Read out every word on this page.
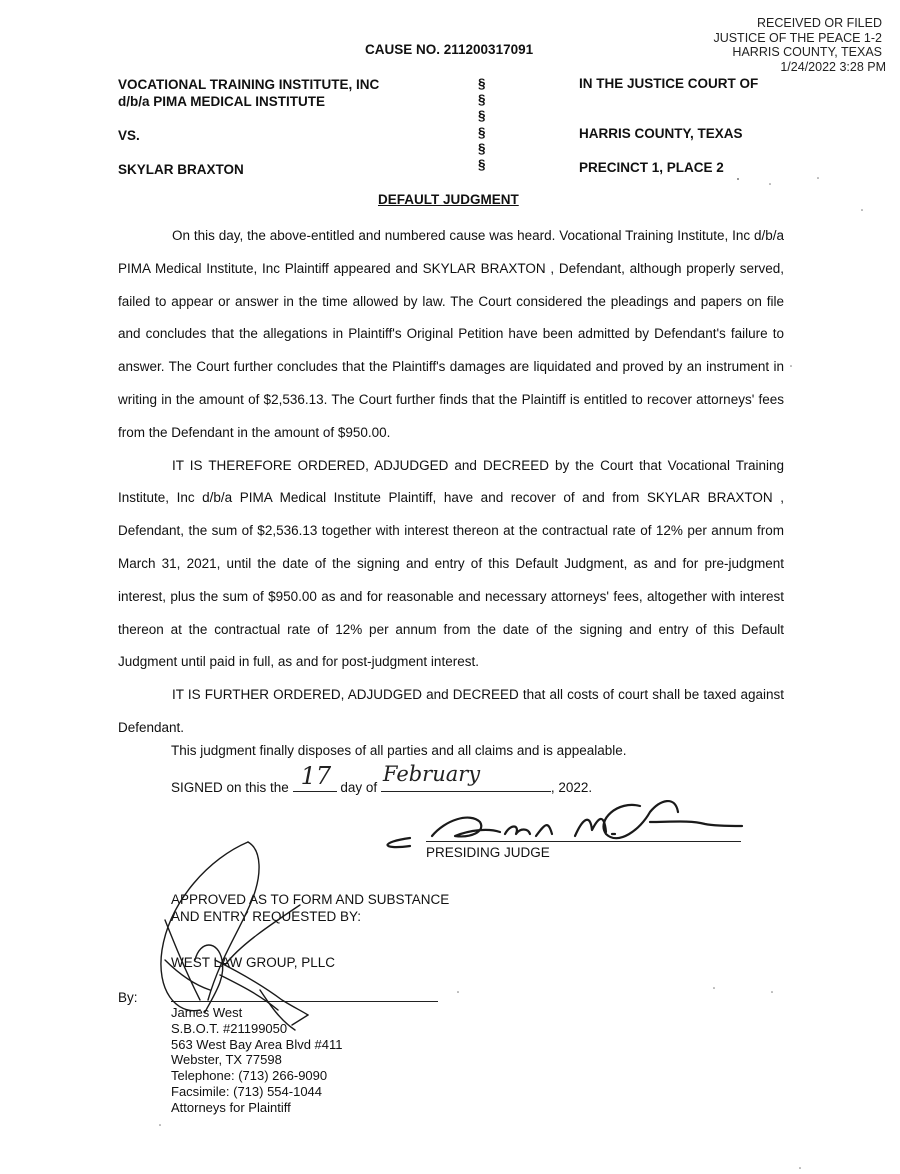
RECEIVED OR FILED
JUSTICE OF THE PEACE 1-2
HARRIS COUNTY, TEXAS
1/24/2022 3:28 PM
CAUSE NO. 211200317091
VOCATIONAL TRAINING INSTITUTE, INC
d/b/a PIMA MEDICAL INSTITUTE
VS.
SKYLAR BRAXTON
§
§
§
§
§
§
IN THE JUSTICE COURT OF
HARRIS COUNTY, TEXAS
PRECINCT 1, PLACE 2
DEFAULT JUDGMENT

On this day, the above-entitled and numbered cause was heard. Vocational Training Institute, Inc d/b/a PIMA Medical Institute, Inc Plaintiff appeared and SKYLAR BRAXTON , Defendant, although properly served, failed to appear or answer in the time allowed by law. The Court considered the pleadings and papers on file and concludes that the allegations in Plaintiff's Original Petition have been admitted by Defendant's failure to answer. The Court further concludes that the Plaintiff's damages are liquidated and proved by an instrument in writing in the amount of $2,536.13. The Court further finds that the Plaintiff is entitled to recover attorneys' fees from the Defendant in the amount of $950.00.

IT IS THEREFORE ORDERED, ADJUDGED and DECREED by the Court that Vocational Training Institute, Inc d/b/a PIMA Medical Institute Plaintiff, have and recover of and from SKYLAR BRAXTON , Defendant, the sum of $2,536.13 together with interest thereon at the contractual rate of 12% per annum from March 31, 2021, until the date of the signing and entry of this Default Judgment, as and for pre-judgment interest, plus the sum of $950.00 as and for reasonable and necessary attorneys' fees, altogether with interest thereon at the contractual rate of 12% per annum from the date of the signing and entry of this Default Judgment until paid in full, as and for post-judgment interest.

IT IS FURTHER ORDERED, ADJUDGED and DECREED that all costs of court shall be taxed against Defendant.

This judgment finally disposes of all parties and all claims and is appealable.
SIGNED on this the 17 day of
February
, 2022.
PRESIDING JUDGE
APPROVED AS TO FORM AND SUBSTANCE
AND ENTRY REQUESTED BY:
WEST LAW GROUP, PLLC
By:
James West
S.B.O.T. #21199050
563 West Bay Area Blvd #411
Webster, TX 77598
Telephone: (713) 266-9090
Facsimile: (713) 554-1044
Attorneys for Plaintiff
